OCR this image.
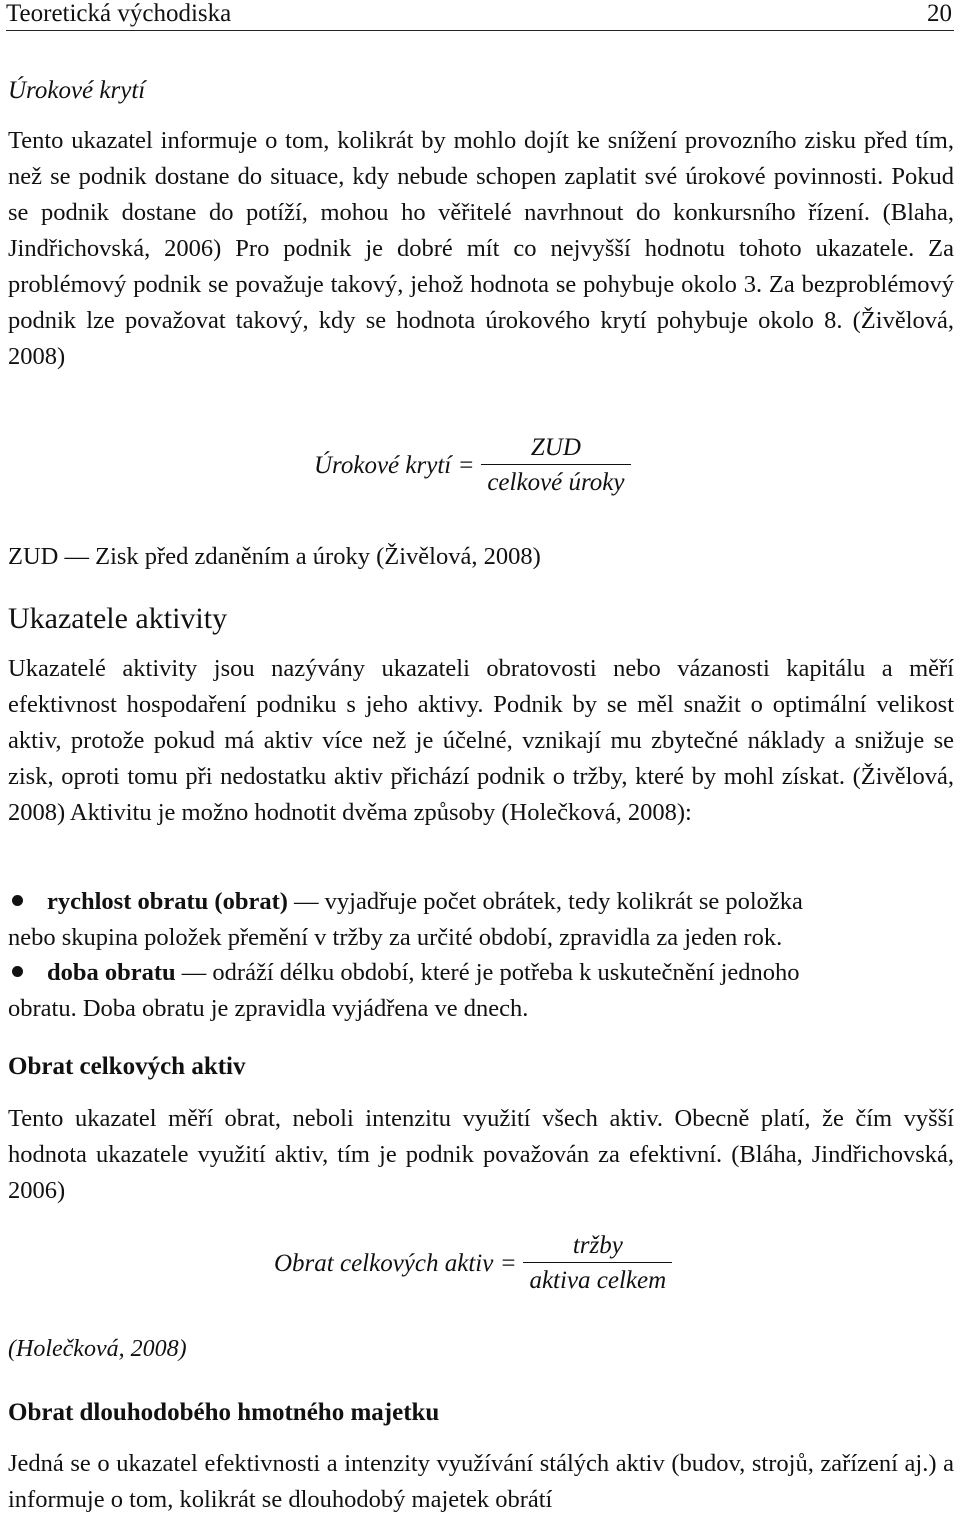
Teoretická východiska	20
Úrokové krytí

Tento ukazatel informuje o tom, kolikrát by mohlo dojít ke snížení provozního zisku před tím, než se podnik dostane do situace, kdy nebude schopen zaplatit své úrokové povinnosti. Pokud se podnik dostane do potíží, mohou ho věřitelé navrhnout do konkursního řízení. (Blaha, Jindřichovská, 2006) Pro podnik je dobré mít co nejvyšší hodnotu tohoto ukazatele. Za problémový podnik se považuje takový, jehož hodnota se pohybuje okolo 3. Za bezproblémový podnik lze považovat takový, kdy se hodnota úrokového krytí pohybuje okolo 8. (Živělová, 2008)

Úrokové krytí = $\frac{\text{ZUD}}{\text{celkové úroky}}$
ZUD — Zisk před zdaněním a úroky (Živělová, 2008)
Ukazatele aktivity

Ukazatelé aktivity jsou nazývány ukazateli obratovosti nebo vázanosti kapitálu a měří efektivnost hospodaření podniku s jeho aktivy. Podnik by se měl snažit o optimální velikost aktiv, protože pokud má aktiv více než je účelné, vznikají mu zbytečné náklady a snižuje se zisk, oproti tomu při nedostatku aktiv přichází podnik o tržby, které by mohl získat. (Živělová, 2008) Aktivitu je možno hodnotit dvěma způsoby (Holečková, 2008):

rychlost obratu (obrat) — vyjadřuje počet obrátek, tedy kolikrát se položka
nebo skupina položek přemění v tržby za určité období, zpravidla za jeden rok.
doba obratu — odráží délku období, které je potřeba k uskutečnění jednoho
obratu. Doba obratu je zpravidla vyjádřena ve dnech.
Obrat celkových aktiv

Tento ukazatel měří obrat, neboli intenzitu využití všech aktiv. Obecně platí, že čím vyšší hodnota ukazatele využití aktiv, tím je podnik považován za efektivní. (Bláha, Jindřichovská, 2006)

Obrat celkových aktiv = $\frac{\text{tržby}}{\text{aktiva celkem}}$
(Holečková, 2008)
Obrat dlouhodobého hmotného majetku

Jedná se o ukazatel efektivnosti a intenzity využívání stálých aktiv (budov, strojů, zařízení aj.) a informuje o tom, kolikrát se dlouhodobý majetek obrátí
